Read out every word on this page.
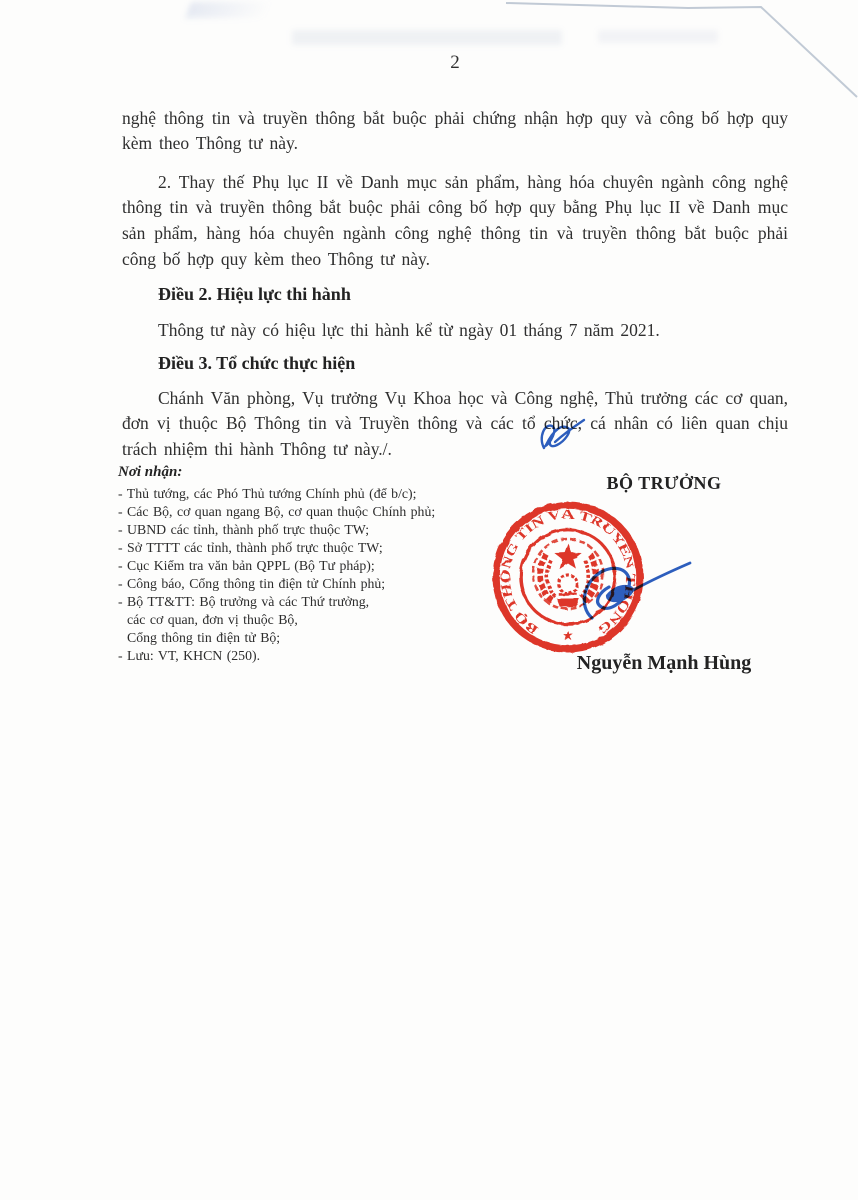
2

nghệ thông tin và truyền thông bắt buộc phải chứng nhận hợp quy và công bố hợp quy kèm theo Thông tư này.

2. Thay thế Phụ lục II về Danh mục sản phẩm, hàng hóa chuyên ngành công nghệ thông tin và truyền thông bắt buộc phải công bố hợp quy bằng Phụ lục II về Danh mục sản phẩm, hàng hóa chuyên ngành công nghệ thông tin và truyền thông bắt buộc phải công bố hợp quy kèm theo Thông tư này.

Điều 2. Hiệu lực thi hành

Thông tư này có hiệu lực thi hành kể từ ngày 01 tháng 7 năm 2021.

Điều 3. Tổ chức thực hiện

Chánh Văn phòng, Vụ trưởng Vụ Khoa học và Công nghệ, Thủ trưởng các cơ quan, đơn vị thuộc Bộ Thông tin và Truyền thông và các tổ chức, cá nhân có liên quan chịu trách nhiệm thi hành Thông tư này./.

Nơi nhận:
- Thủ tướng, các Phó Thủ tướng Chính phủ (để b/c);
- Các Bộ, cơ quan ngang Bộ, cơ quan thuộc Chính phủ;
- UBND các tỉnh, thành phố trực thuộc TW;
- Sở TTTT các tỉnh, thành phố trực thuộc TW;
- Cục Kiểm tra văn bản QPPL (Bộ Tư pháp);
- Công báo, Cổng thông tin điện tử Chính phủ;
- Bộ TT&TT: Bộ trưởng và các Thứ trưởng,
các cơ quan, đơn vị thuộc Bộ,
Cổng thông tin điện tử Bộ;
- Lưu: VT, KHCN (250).
BỘ TRƯỞNG
BỘ THÔNG TIN VÀ TRUYỀN T ÔNG
★
Nguyễn Mạnh Hùng
